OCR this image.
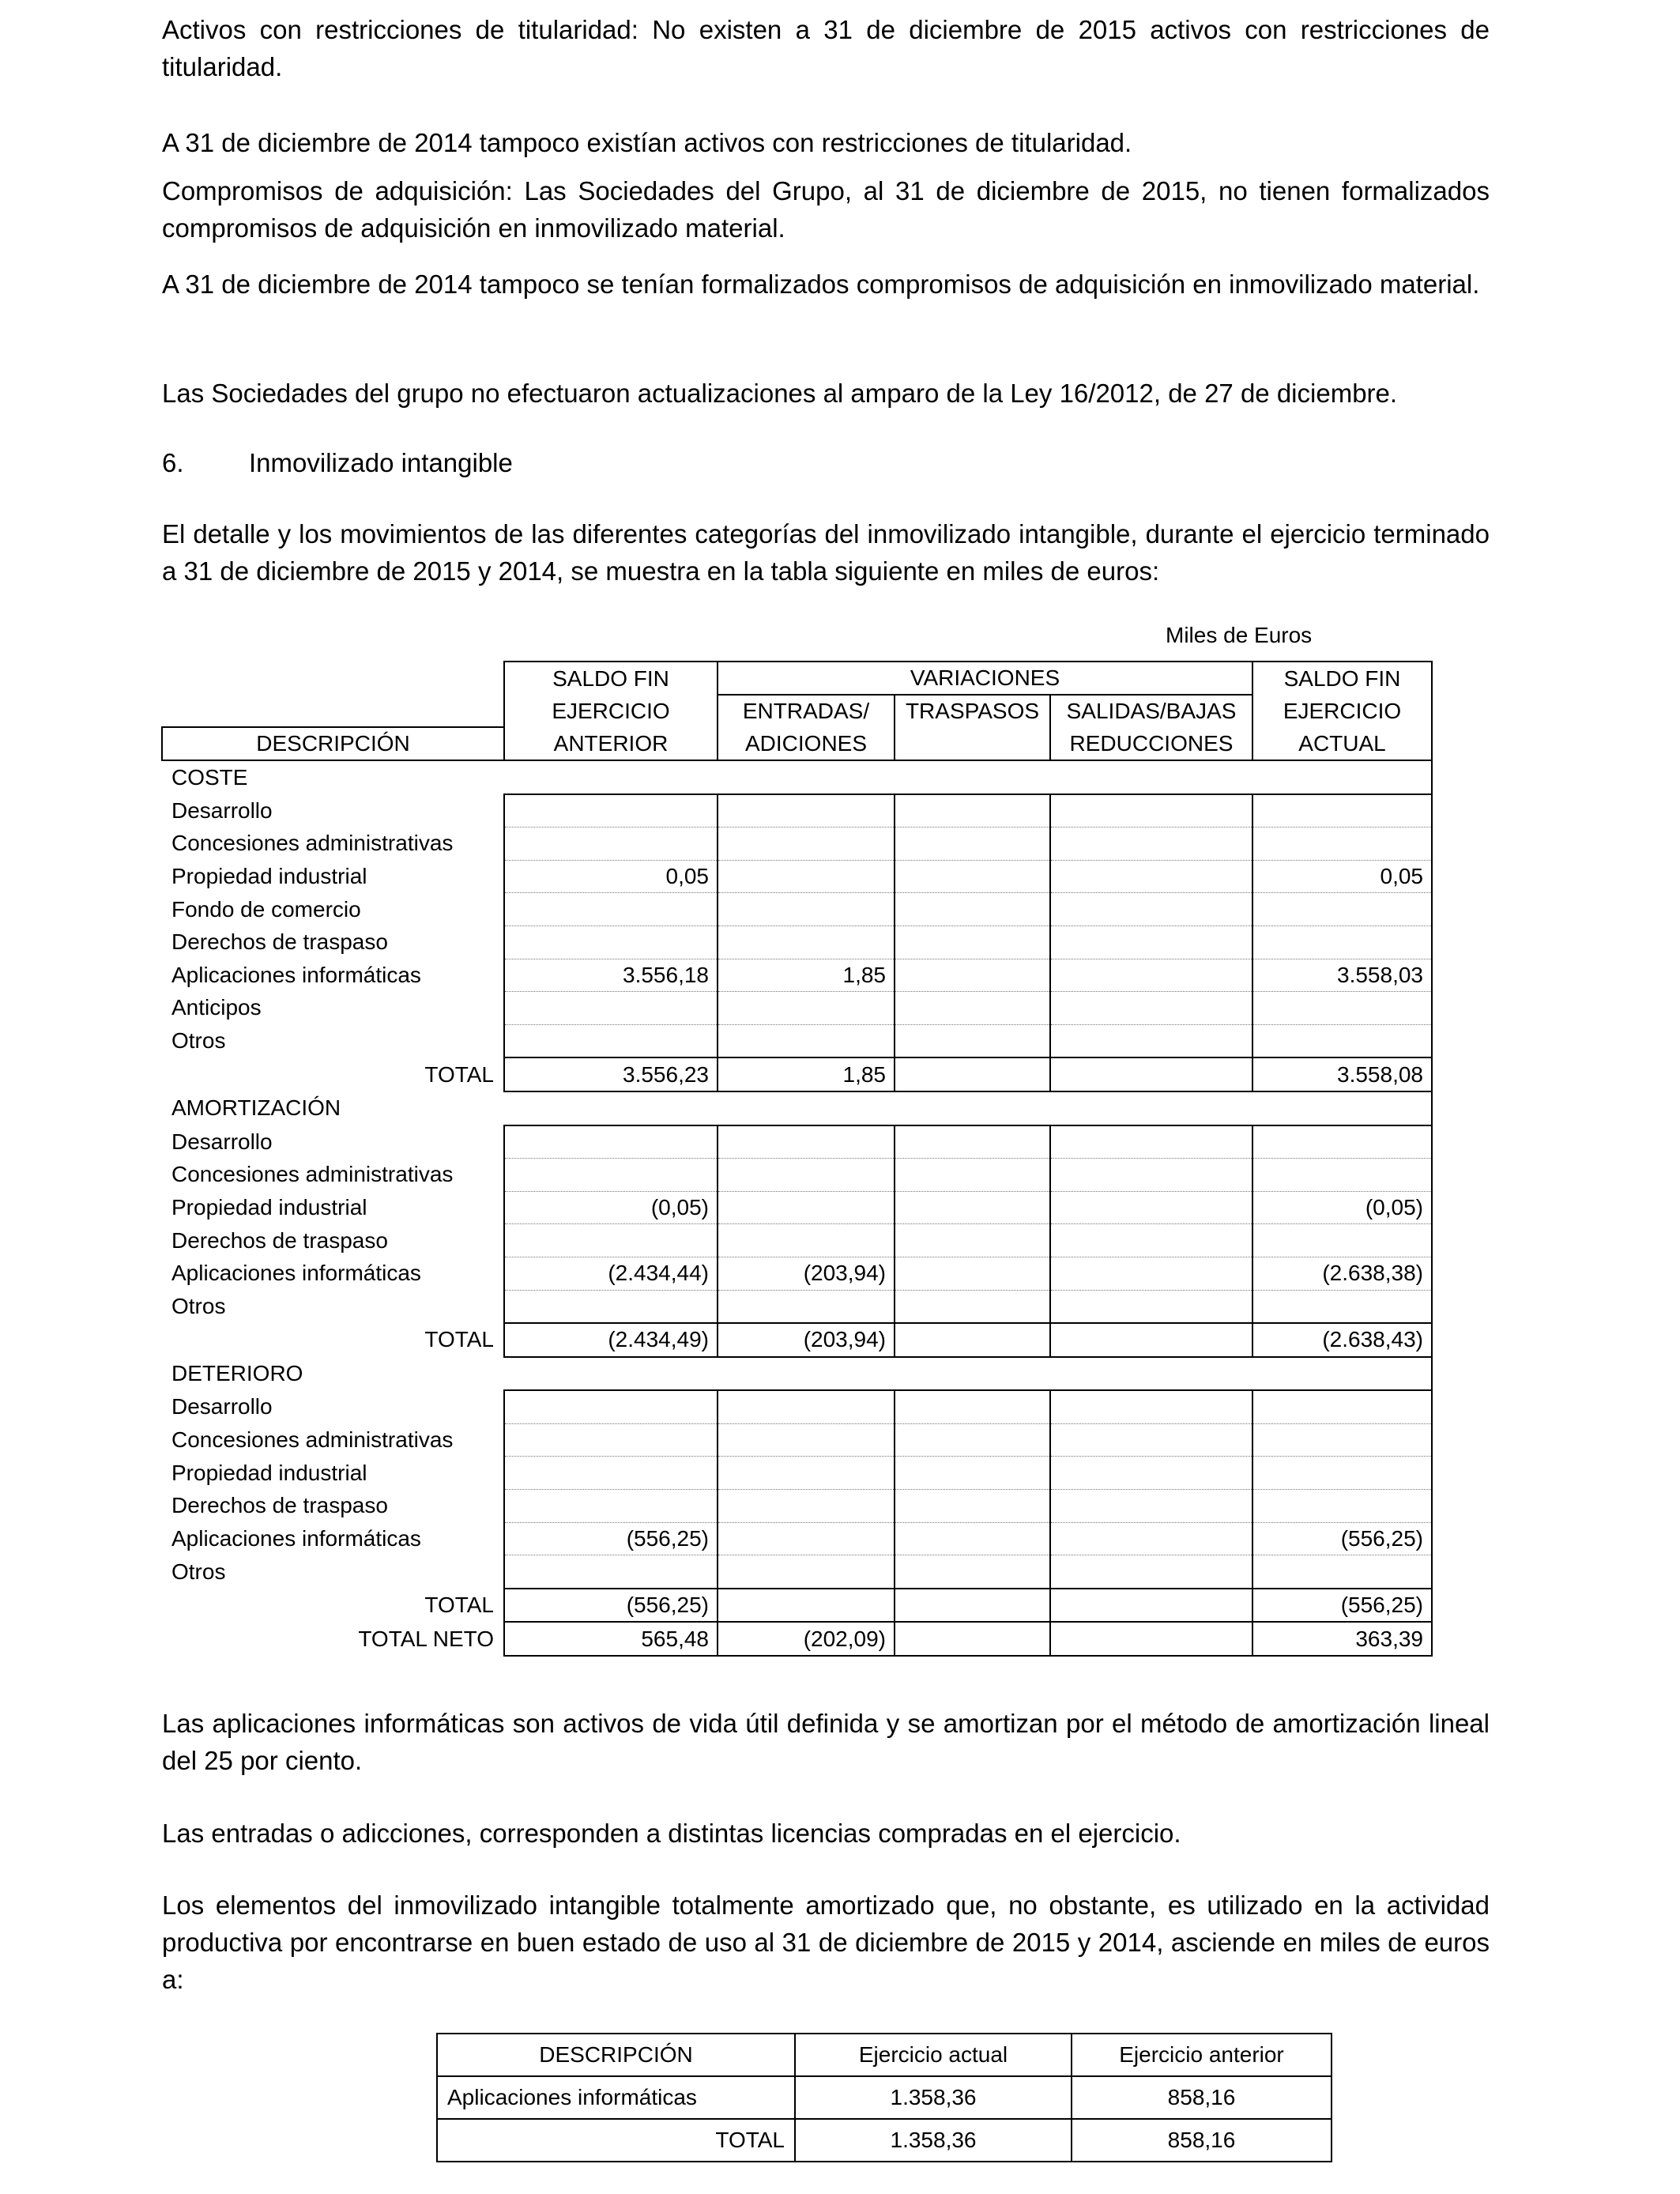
Activos con restricciones de titularidad: No existen a 31 de diciembre de 2015 activos con restricciones de titularidad.

A 31 de diciembre de 2014 tampoco existían activos con restricciones de titularidad.

Compromisos de adquisición: Las Sociedades del Grupo, al 31 de diciembre de 2015, no tienen formalizados compromisos de adquisición en inmovilizado material.

A 31 de diciembre de 2014 tampoco se tenían formalizados compromisos de adquisición en inmovilizado material.

Las Sociedades del grupo no efectuaron actualizaciones al amparo de la Ley 16/2012, de 27 de diciembre.

6. Inmovilizado intangible

El detalle y los movimientos de las diferentes categorías del inmovilizado intangible, durante el ejercicio terminado a 31 de diciembre de 2015 y 2014, se muestra en la tabla siguiente en miles de euros:

Miles de Euros
	SALDO FIN	VARIACIONES			SALDO FIN
	EJERCICIO	ENTRADAS/	TRASPASOS	SALIDAS/BAJAS	EJERCICIO
DESCRIPCIÓN	ANTERIOR	ADICIONES		REDUCCIONES	ACTUAL
COSTE					
Desarrollo					
Concesiones administrativas					
Propiedad industrial	0,05				0,05
Fondo de comercio					
Derechos de traspaso					
Aplicaciones informáticas	3.556,18	1,85			3.558,03
Anticipos					
Otros					
TOTAL	3.556,23	1,85			3.558,08
AMORTIZACIÓN					
Desarrollo					
Concesiones administrativas					
Propiedad industrial	(0,05)				(0,05)
Derechos de traspaso					
Aplicaciones informáticas	(2.434,44)	(203,94)			(2.638,38)
Otros					
TOTAL	(2.434,49)	(203,94)			(2.638,43)
DETERIORO					
Desarrollo					
Concesiones administrativas					
Propiedad industrial					
Derechos de traspaso					
Aplicaciones informáticas	(556,25)				(556,25)
Otros					
TOTAL	(556,25)				(556,25)
TOTAL NETO	565,48	(202,09)			363,39

Las aplicaciones informáticas son activos de vida útil definida y se amortizan por el método de amortización lineal del 25 por ciento.

Las entradas o adicciones, corresponden a distintas licencias compradas en el ejercicio.

Los elementos del inmovilizado intangible totalmente amortizado que, no obstante, es utilizado en la actividad productiva por encontrarse en buen estado de uso al 31 de diciembre de 2015 y 2014, asciende en miles de euros a:

DESCRIPCIÓN	Ejercicio actual	Ejercicio anterior
Aplicaciones informáticas	1.358,36	858,16
TOTAL	1.358,36	858,16
